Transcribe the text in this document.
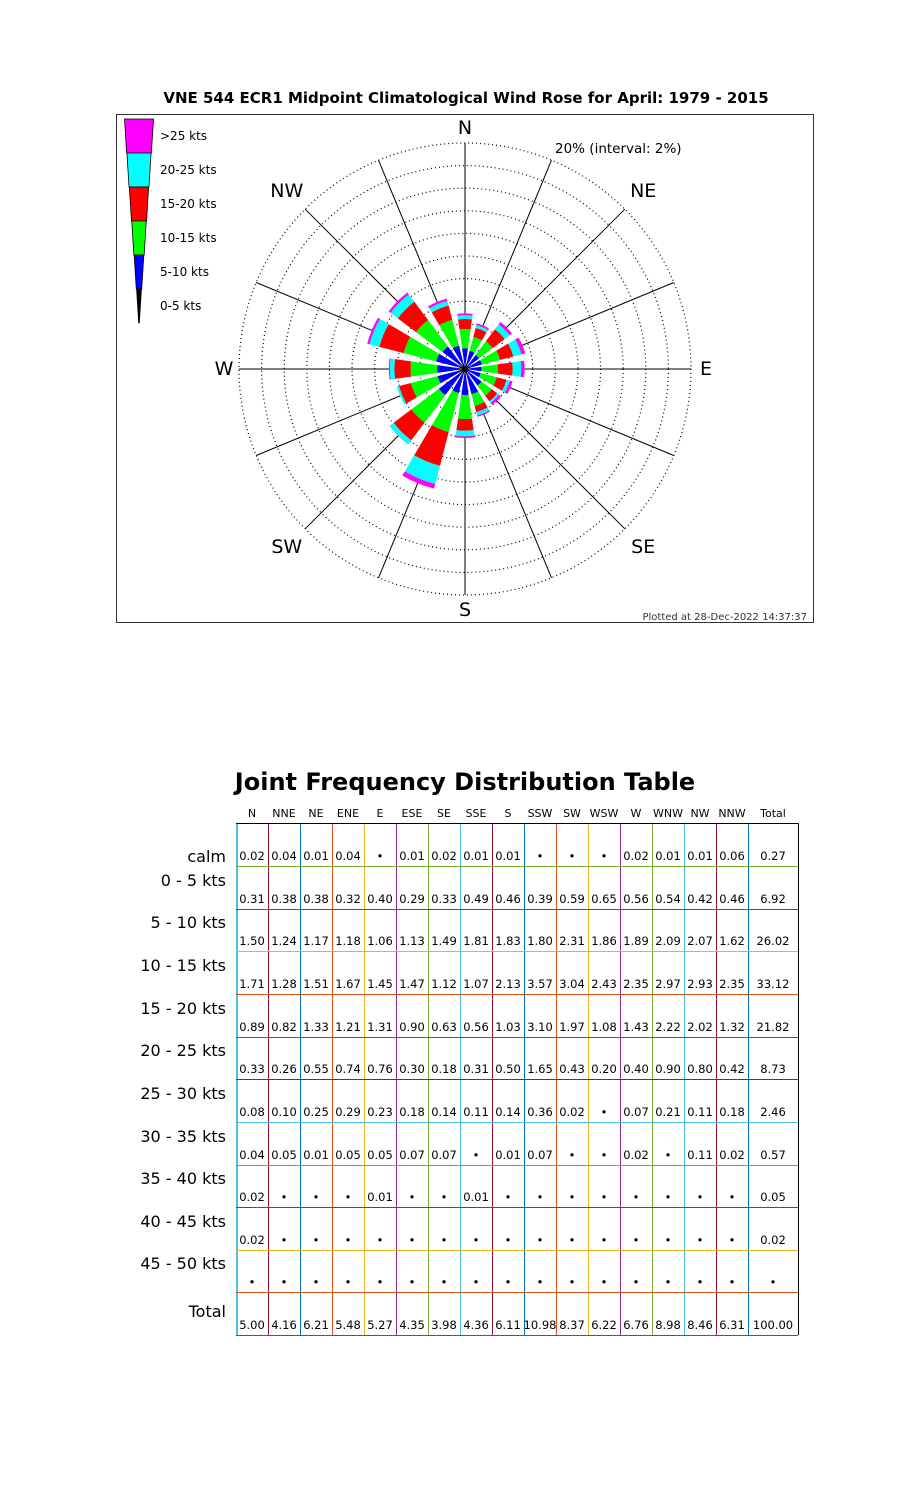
VNE 544 ECR1 Midpoint Climatological Wind Rose for April: 1979 - 2015
>25 kts
20-25 kts
15-20 kts
10-15 kts
5-10 kts
0-5 kts
20% (interval: 2%)
Plotted at 28-Dec-2022 14:37:37
Joint Frequency Distribution Table
N NNE NE ENE E ESE SE SSE S SSW SW WSW W WNW NW NNW Total
calm 0.02 0.04 0.01 0.04 • 0.01 0.02 0.01 0.01 • • • 0.02 0.01 0.01 0.06 0.27
0 - 5 kts
0.31 0.38 0.38 0.32 0.40 0.29 0.33 0.49 0.46 0.39 0.59 0.65 0.56 0.54 0.42 0.46 6.92
5 - 10 kts
1.50 1.24 1.17 1.18 1.06 1.13 1.49 1.81 1.83 1.80 2.31 1.86 1.89 2.09 2.07 1.62 26.02
10 - 15 kts
1.71 1.28 1.51 1.67 1.45 1.47 1.12 1.07 2.13 3.57 3.04 2.43 2.35 2.97 2.93 2.35 33.12
15 - 20 kts
0.89 0.82 1.33 1.21 1.31 0.90 0.63 0.56 1.03 3.10 1.97 1.08 1.43 2.22 2.02 1.32 21.82
20 - 25 kts
0.33 0.26 0.55 0.74 0.76 0.30 0.18 0.31 0.50 1.65 0.43 0.20 0.40 0.90 0.80 0.42 8.73
25 - 30 kts
0.08 0.10 0.25 0.29 0.23 0.18 0.14 0.11 0.14 0.36 0.02 • 0.07 0.21 0.11 0.18 2.46
30 - 35 kts
0.04 0.05 0.01 0.05 0.05 0.07 0.07 • 0.01 0.07 • • 0.02 • 0.11 0.02 0.57
35 - 40 kts
0.02 • • • 0.01 • • 0.01 • • • • • • • • 0.05
40 - 45 kts
0.02 • • • • • • • • • • • • • • • 0.02
45 - 50 kts
• • • • • • • • • • • • • • • •	•
Total
5.00 4.16 6.21 5.48 5.27 4.35 3.98 4.36 6.11 10.98 8.37 6.22 6.76 8.98 8.46 6.31 100.00
N
NE
E
SE
S
SW
W
NW
